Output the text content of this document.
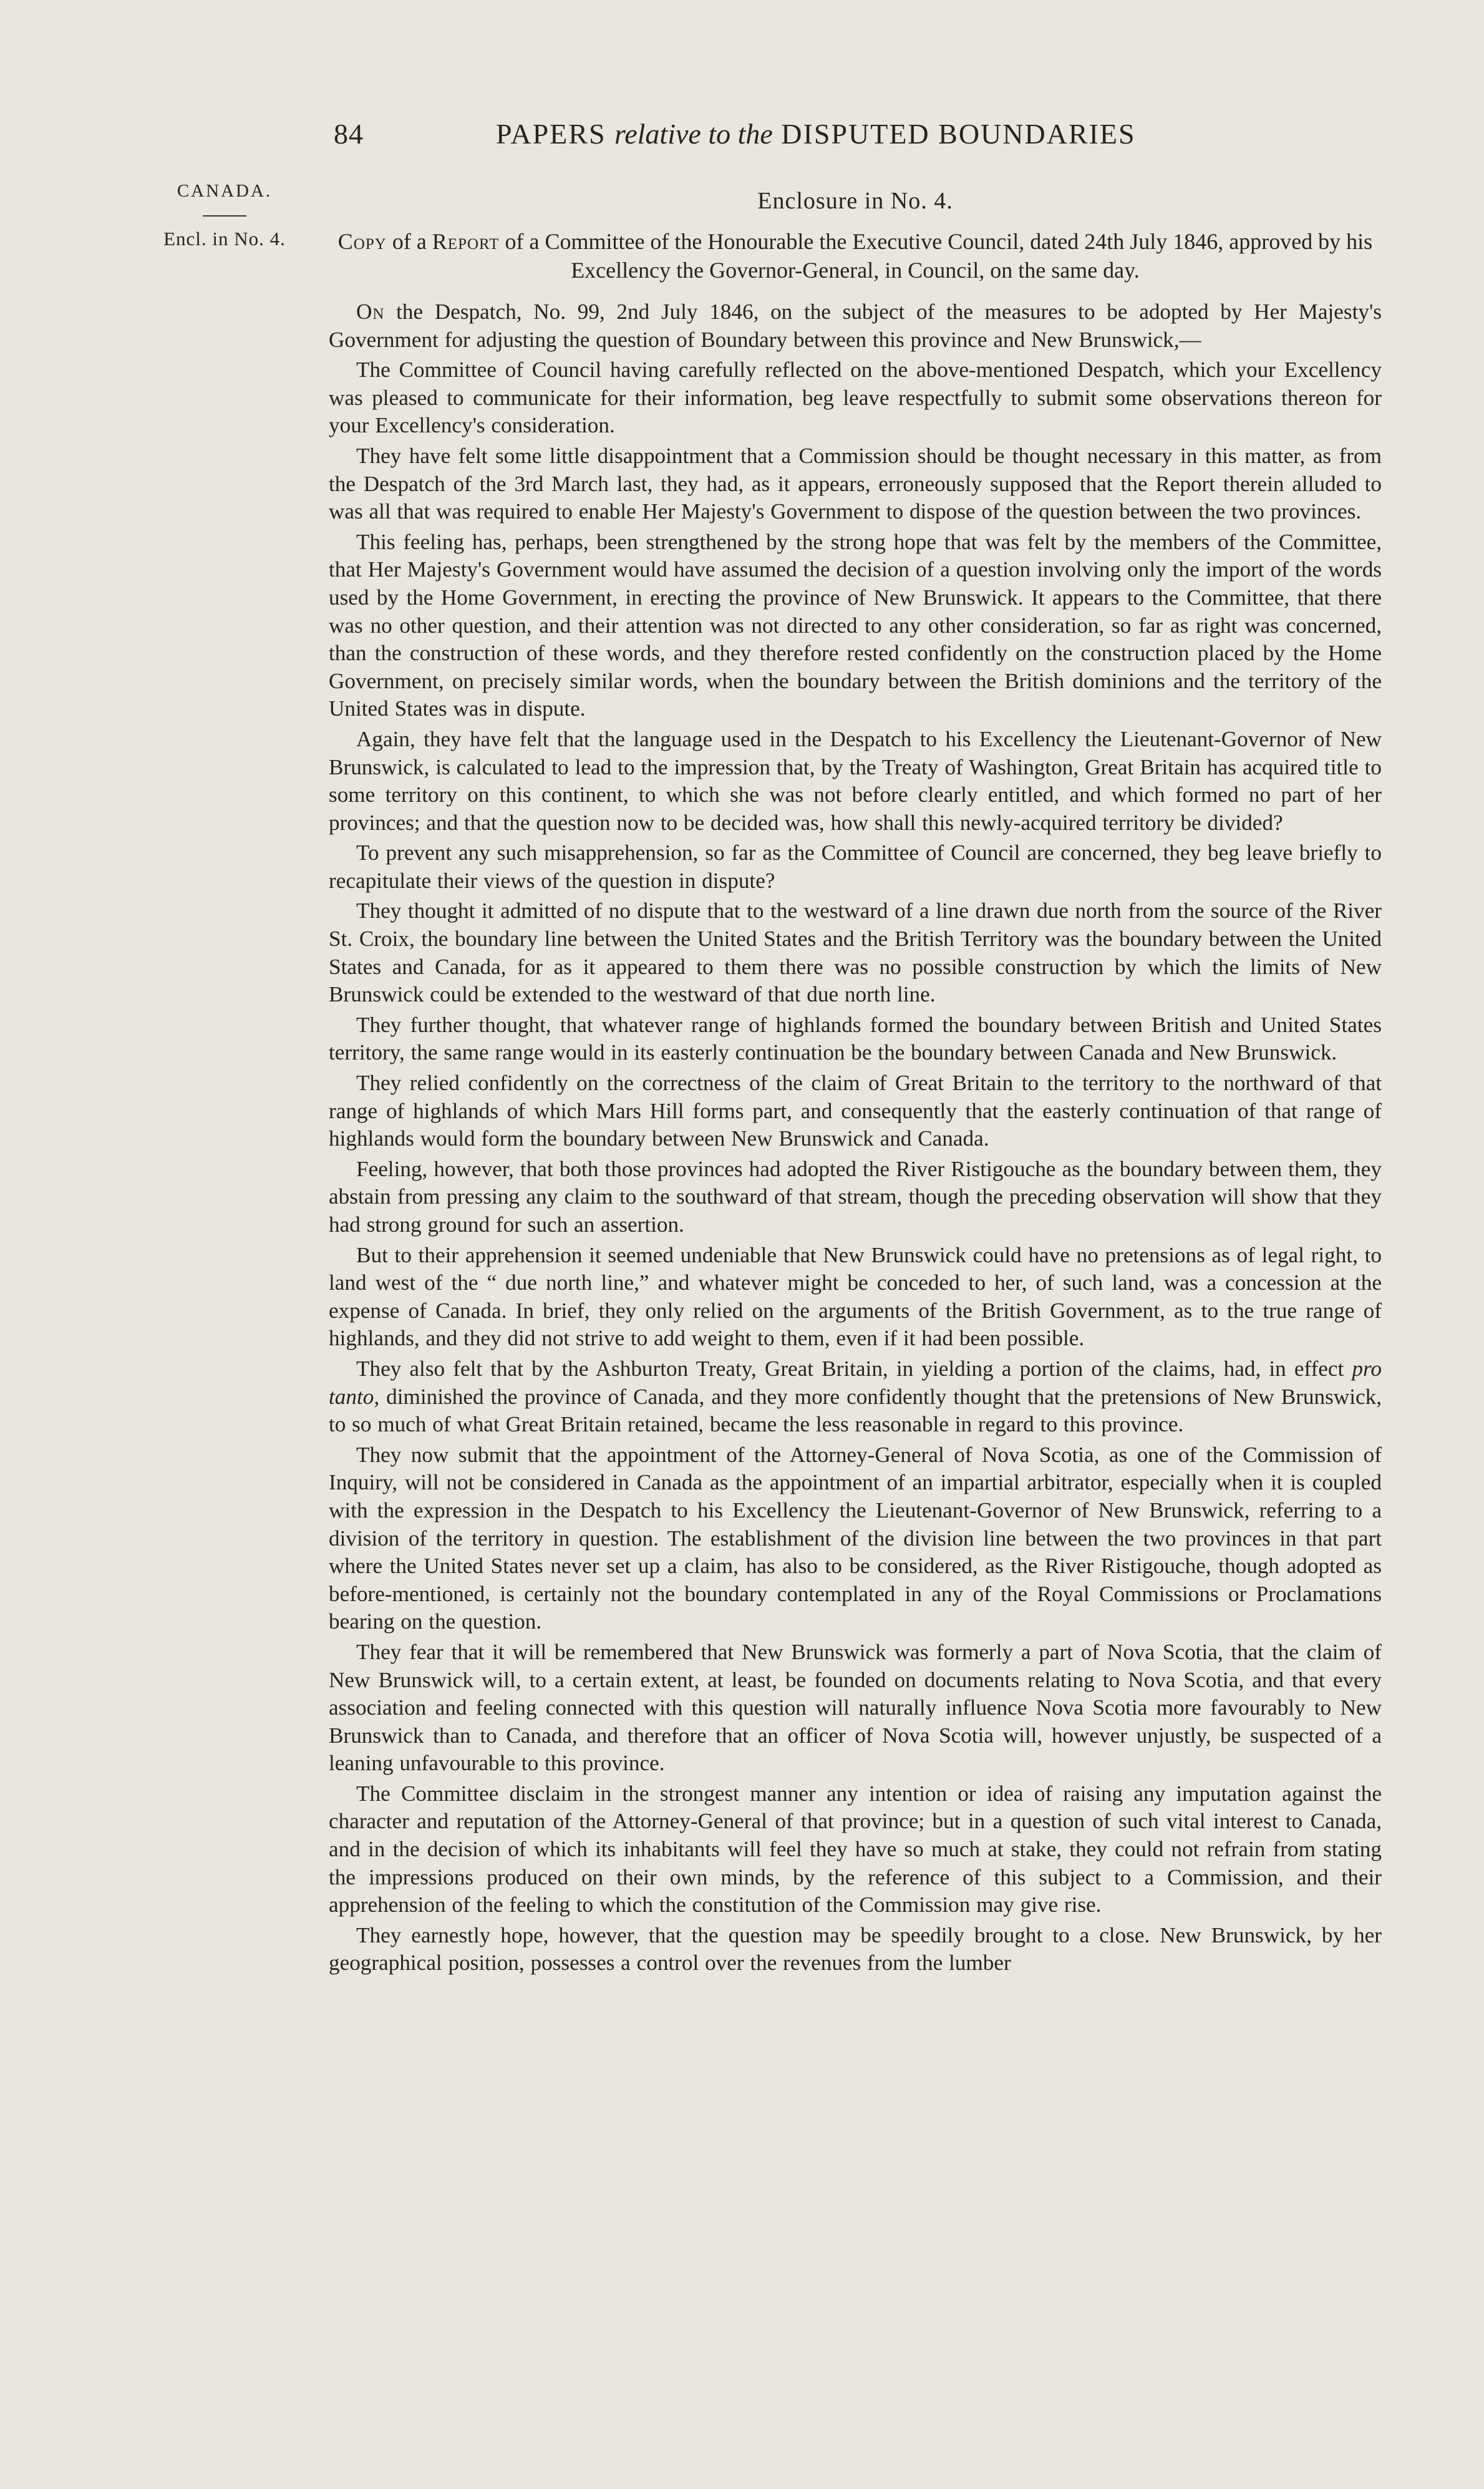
84	PAPERS relative to the DISPUTED BOUNDARIES
CANADA.
Encl. in No. 4.
Enclosure in No. 4.
Copy of a Report of a Committee of the Honourable the Executive Council, dated 24th July 1846, approved by his Excellency the Governor-General, in Council, on the same day.

On the Despatch, No. 99, 2nd July 1846, on the subject of the measures to be adopted by Her Majesty's Government for adjusting the question of Boundary between this province and New Brunswick,—

The Committee of Council having carefully reflected on the above-mentioned Despatch, which your Excellency was pleased to communicate for their information, beg leave respectfully to submit some observations thereon for your Excellency's consideration.

They have felt some little disappointment that a Commission should be thought necessary in this matter, as from the Despatch of the 3rd March last, they had, as it appears, erroneously supposed that the Report therein alluded to was all that was required to enable Her Majesty's Government to dispose of the question between the two provinces.

This feeling has, perhaps, been strengthened by the strong hope that was felt by the members of the Committee, that Her Majesty's Government would have assumed the decision of a question involving only the import of the words used by the Home Government, in erecting the province of New Brunswick. It appears to the Committee, that there was no other question, and their attention was not directed to any other consideration, so far as right was concerned, than the construction of these words, and they therefore rested confidently on the construction placed by the Home Government, on precisely similar words, when the boundary between the British dominions and the territory of the United States was in dispute.

Again, they have felt that the language used in the Despatch to his Excellency the Lieutenant-Governor of New Brunswick, is calculated to lead to the impression that, by the Treaty of Washington, Great Britain has acquired title to some territory on this continent, to which she was not before clearly entitled, and which formed no part of her provinces; and that the question now to be decided was, how shall this newly-acquired territory be divided?

To prevent any such misapprehension, so far as the Committee of Council are concerned, they beg leave briefly to recapitulate their views of the question in dispute?

They thought it admitted of no dispute that to the westward of a line drawn due north from the source of the River St. Croix, the boundary line between the United States and the British Territory was the boundary between the United States and Canada, for as it appeared to them there was no possible construction by which the limits of New Brunswick could be extended to the westward of that due north line.

They further thought, that whatever range of highlands formed the boundary between British and United States territory, the same range would in its easterly continuation be the boundary between Canada and New Brunswick.

They relied confidently on the correctness of the claim of Great Britain to the territory to the northward of that range of highlands of which Mars Hill forms part, and consequently that the easterly continuation of that range of highlands would form the boundary between New Brunswick and Canada.

Feeling, however, that both those provinces had adopted the River Ristigouche as the boundary between them, they abstain from pressing any claim to the southward of that stream, though the preceding observation will show that they had strong ground for such an assertion.

But to their apprehension it seemed undeniable that New Brunswick could have no pretensions as of legal right, to land west of the “ due north line,” and whatever might be conceded to her, of such land, was a concession at the expense of Canada. In brief, they only relied on the arguments of the British Government, as to the true range of highlands, and they did not strive to add weight to them, even if it had been possible.

They also felt that by the Ashburton Treaty, Great Britain, in yielding a portion of the claims, had, in effect pro tanto, diminished the province of Canada, and they more confidently thought that the pretensions of New Brunswick, to so much of what Great Britain retained, became the less reasonable in regard to this province.

They now submit that the appointment of the Attorney-General of Nova Scotia, as one of the Commission of Inquiry, will not be considered in Canada as the appointment of an impartial arbitrator, especially when it is coupled with the expression in the Despatch to his Excellency the Lieutenant-Governor of New Brunswick, referring to a division of the territory in question. The establishment of the division line between the two provinces in that part where the United States never set up a claim, has also to be considered, as the River Ristigouche, though adopted as before-mentioned, is certainly not the boundary contemplated in any of the Royal Commissions or Proclamations bearing on the question.

They fear that it will be remembered that New Brunswick was formerly a part of Nova Scotia, that the claim of New Brunswick will, to a certain extent, at least, be founded on documents relating to Nova Scotia, and that every association and feeling connected with this question will naturally influence Nova Scotia more favourably to New Brunswick than to Canada, and therefore that an officer of Nova Scotia will, however unjustly, be suspected of a leaning unfavourable to this province.

The Committee disclaim in the strongest manner any intention or idea of raising any imputation against the character and reputation of the Attorney-General of that province; but in a question of such vital interest to Canada, and in the decision of which its inhabitants will feel they have so much at stake, they could not refrain from stating the impressions produced on their own minds, by the reference of this subject to a Commission, and their apprehension of the feeling to which the constitution of the Commission may give rise.

They earnestly hope, however, that the question may be speedily brought to a close. New Brunswick, by her geographical position, possesses a control over the revenues from the lumber
